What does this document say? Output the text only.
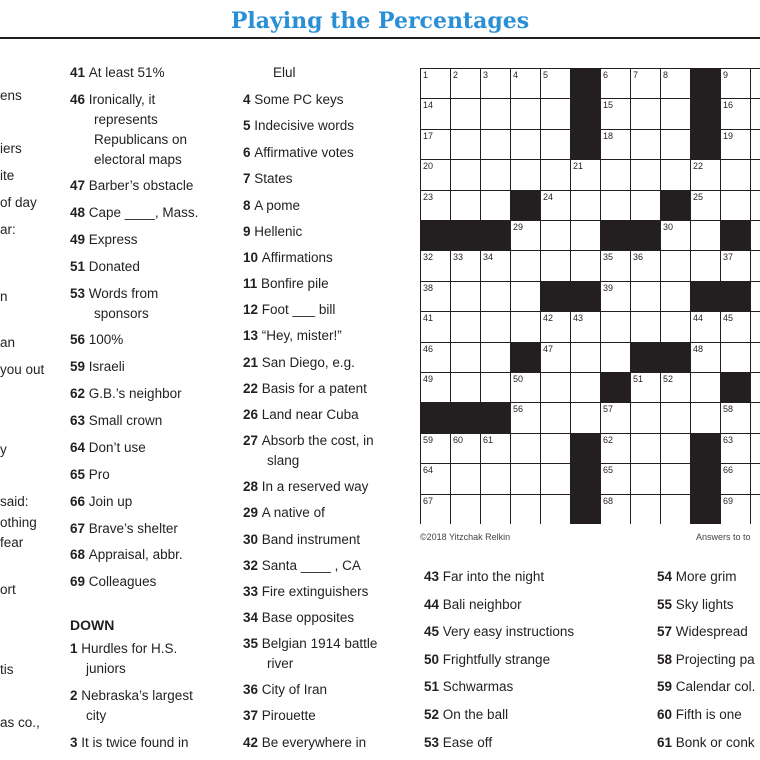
Playing the Percentages
ens
iers
ite
of day
ar:
n
an
you out
y
said:
othing
fear
ort
tis
as co.,
41 At least 51%
46 Ironically, it
represents
Republicans on
electoral maps
47 Barber’s obstacle
48 Cape ____, Mass.
49 Express
51 Donated
53 Words from
sponsors
56 100%
59 Israeli
62 G.B.’s neighbor
63 Small crown
64 Don’t use
65 Pro
66 Join up
67 Brave’s shelter
68 Appraisal, abbr.
69 Colleagues
1 Hurdles for H.S.
juniors
2 Nebraska’s largest
city
3 It is twice found in
Elul
4 Some PC keys
5 Indecisive words
6 Affirmative votes
7 States
8 A pome
9 Hellenic
10 Affirmations
11 Bonfire pile
12 Foot ___ bill
13 “Hey, mister!”
21 San Diego, e.g.
22 Basis for a patent
26 Land near Cuba
27 Absorb the cost, in
slang
28 In a reserved way
29 A native of
30 Band instrument
32 Santa ____ , CA
33 Fire extinguishers
34 Base opposites
35 Belgian 1914 battle
river
36 City of Iran
37 Pirouette
42 Be everywhere in
43 Far into the night
44 Bali neighbor
45 Very easy instructions
50 Frightfully strange
51 Schwarmas
52 On the ball
53 Ease off
54 More grim
55 Sky lights
57 Widespread
58 Projecting pa
59 Calendar col.
60 Fifth is one
61 Bonk or conk
DOWN
1	2	3	4	5	6	7	8	9
14	15	16
17	18	19
20	21	22
23	24	25
29	30
32 33 34	35 36	37
38	39
41	42 43	44 45
46	47	48
49	50	51 52
56	57	58
59 60 61	62	63
64	65	66
67	68	69
©2018 Yitzchak Relkin	Answers to to
